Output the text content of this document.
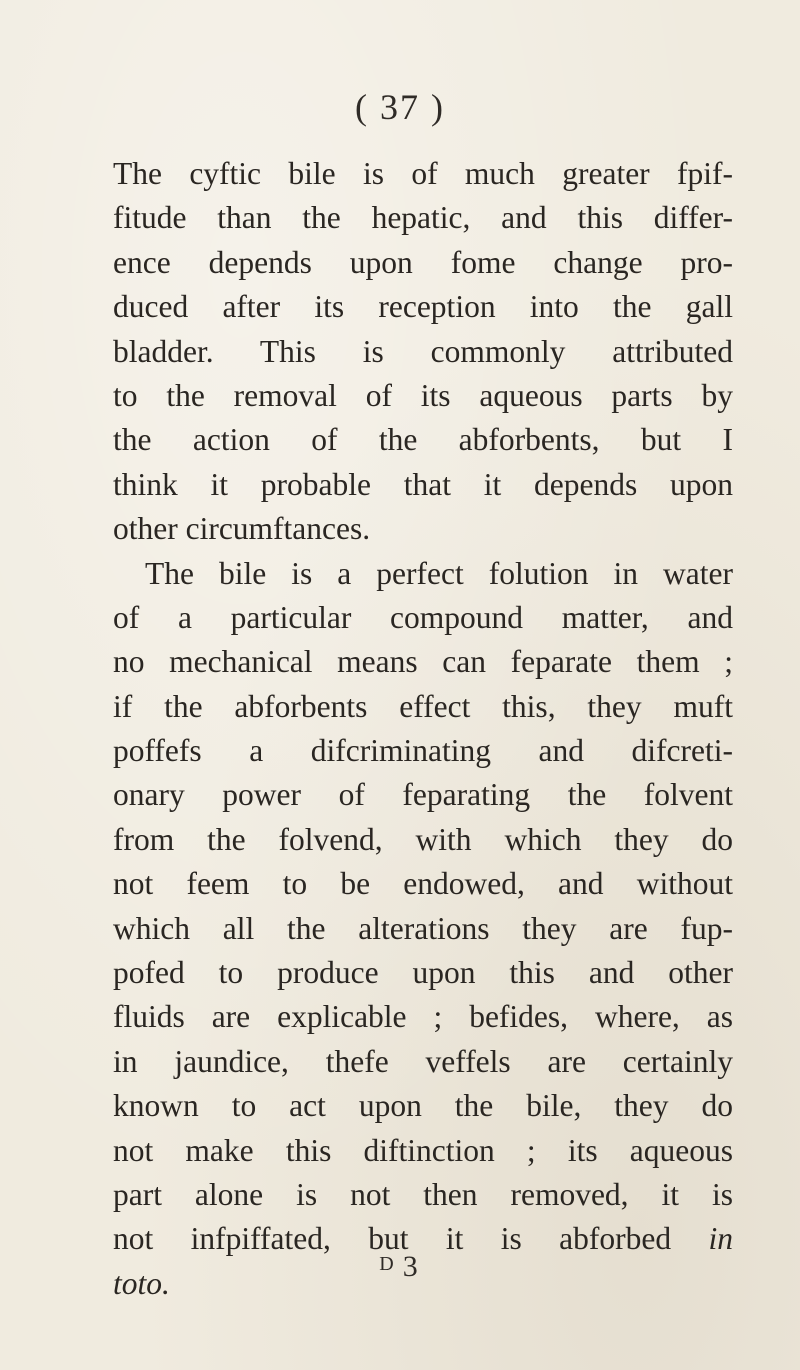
( 37 )
The cyftic bile is of much greater fpif-
fitude than the hepatic, and this differ-
ence depends upon fome change pro-
duced after its reception into the gall
bladder. This is commonly attributed
to the removal of its aqueous parts by
the action of the abforbents, but I
think it probable that it depends upon
other circumftances.
The bile is a perfect folution in water
of a particular compound matter, and
no mechanical means can feparate them ;
if the abforbents effect this, they muft
poffefs a difcriminating and difcreti-
onary power of feparating the folvent
from the folvend, with which they do
not feem to be endowed, and without
which all the alterations they are fup-
pofed to produce upon this and other
fluids are explicable ; befides, where, as
in jaundice, thefe veffels are certainly
known to act upon the bile, they do
not make this diftinction ; its aqueous
part alone is not then removed, it is
not infpiffated, but it is abforbed in
toto.
$^D$ 3
